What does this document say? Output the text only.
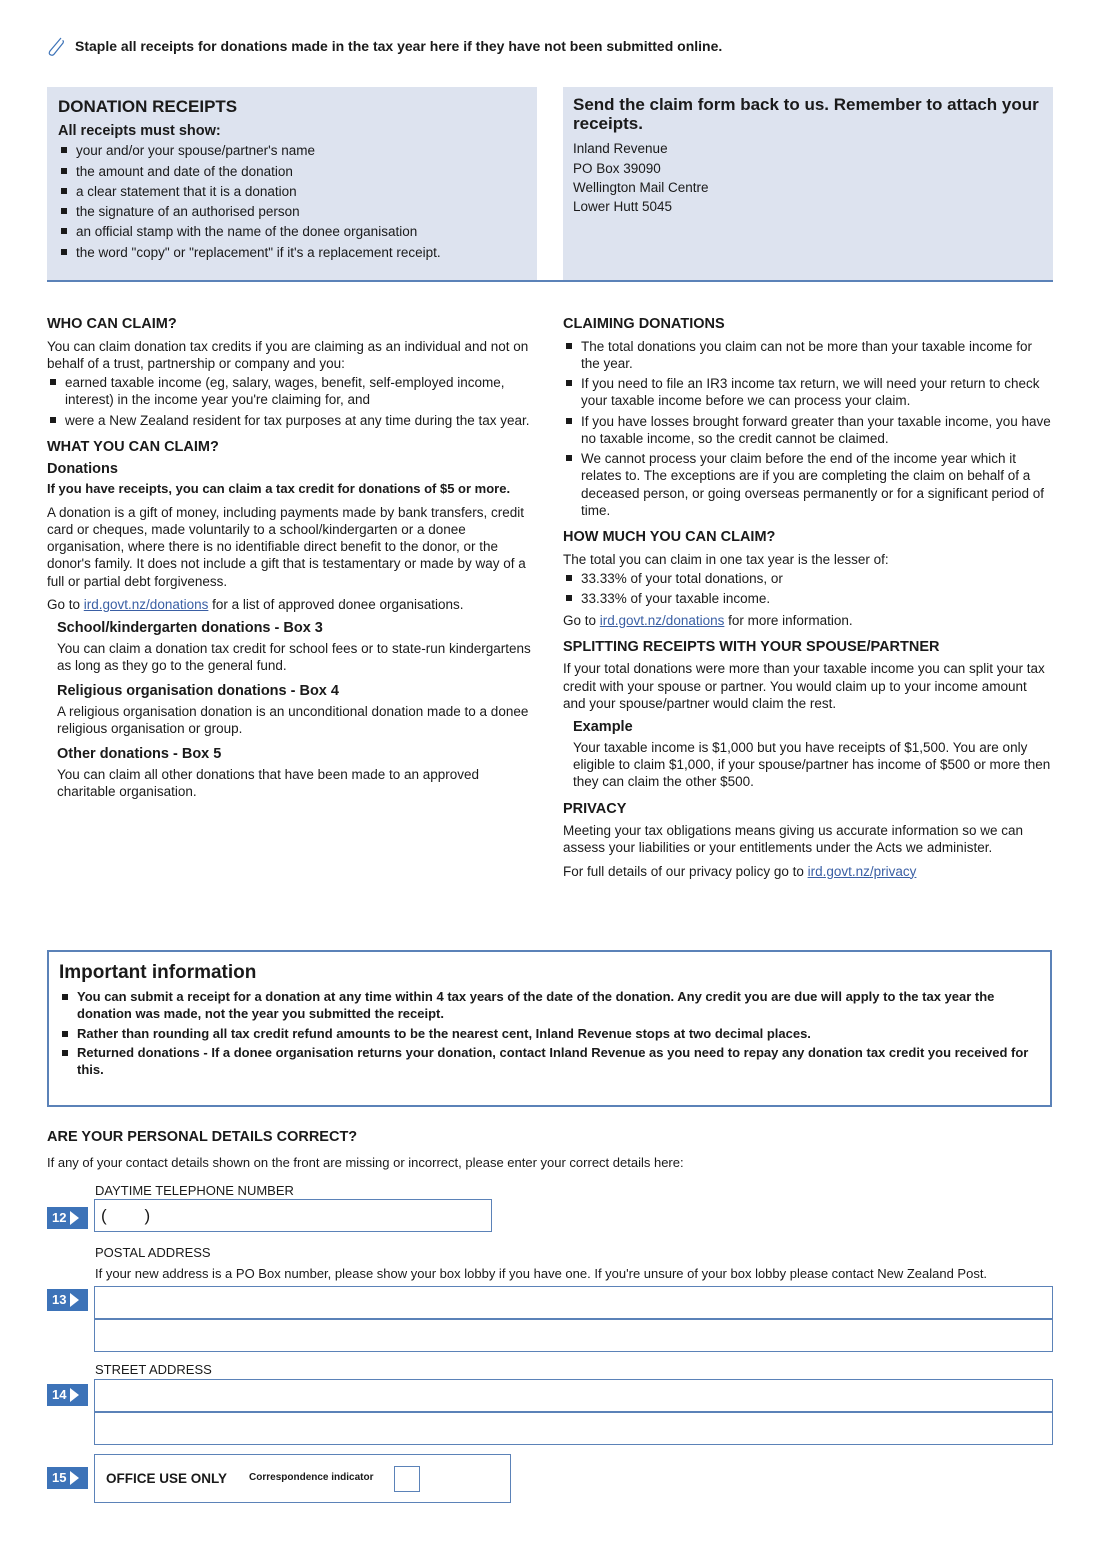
Staple all receipts for donations made in the tax year here if they have not been submitted online.
DONATION RECEIPTS
All receipts must show:
your and/or your spouse/partner's name
the amount and date of the donation
a clear statement that it is a donation
the signature of an authorised person
an official stamp with the name of the donee organisation
the word "copy" or "replacement" if it's a replacement receipt.
Send the claim form back to us. Remember to attach your receipts.
Inland Revenue
PO Box 39090
Wellington Mail Centre
Lower Hutt 5045
WHO CAN CLAIM?

You can claim donation tax credits if you are claiming as an individual and not on behalf of a trust, partnership or company and you:

earned taxable income (eg, salary, wages, benefit, self-employed income, interest) in the income year you're claiming for, and
were a New Zealand resident for tax purposes at any time during the tax year.
WHAT YOU CAN CLAIM?
Donations

If you have receipts, you can claim a tax credit for donations of $5 or more.

A donation is a gift of money, including payments made by bank transfers, credit card or cheques, made voluntarily to a school/kindergarten or a donee organisation, where there is no identifiable direct benefit to the donor, or the donor's family. It does not include a gift that is testamentary or made by way of a full or partial debt forgiveness.

Go to ird.govt.nz/donations for a list of approved donee organisations.

School/kindergarten donations - Box 3

You can claim a donation tax credit for school fees or to state-run kindergartens as long as they go to the general fund.

Religious organisation donations - Box 4

A religious organisation donation is an unconditional donation made to a donee religious organisation or group.

Other donations - Box 5

You can claim all other donations that have been made to an approved charitable organisation.

CLAIMING DONATIONS
The total donations you claim can not be more than your taxable income for the year.
If you need to file an IR3 income tax return, we will need your return to check your taxable income before we can process your claim.
If you have losses brought forward greater than your taxable income, you have no taxable income, so the credit cannot be claimed.
We cannot process your claim before the end of the income year which it relates to. The exceptions are if you are completing the claim on behalf of a deceased person, or going overseas permanently or for a significant period of time.
HOW MUCH YOU CAN CLAIM?

The total you can claim in one tax year is the lesser of:

33.33% of your total donations, or
33.33% of your taxable income.

Go to ird.govt.nz/donations for more information.

SPLITTING RECEIPTS WITH YOUR SPOUSE/PARTNER

If your total donations were more than your taxable income you can split your tax credit with your spouse or partner. You would claim up to your income amount and your spouse/partner would claim the rest.

Example

Your taxable income is $1,000 but you have receipts of $1,500. You are only eligible to claim $1,000, if your spouse/partner has income of $500 or more then they can claim the other $500.

PRIVACY

Meeting your tax obligations means giving us accurate information so we can assess your liabilities or your entitlements under the Acts we administer.

For full details of our privacy policy go to ird.govt.nz/privacy

Important information
You can submit a receipt for a donation at any time within 4 tax years of the date of the donation. Any credit you are due will apply to the tax year the donation was made, not the year you submitted the receipt.
Rather than rounding all tax credit refund amounts to be the nearest cent, Inland Revenue stops at two decimal places.
Returned donations - If a donee organisation returns your donation, contact Inland Revenue as you need to repay any donation tax credit you received for this.
ARE YOUR PERSONAL DETAILS CORRECT?
If any of your contact details shown on the front are missing or incorrect, please enter your correct details here:
DAYTIME TELEPHONE NUMBER
12	(        )
POSTAL ADDRESS
If your new address is a PO Box number, please show your box lobby if you have one. If you're unsure of your box lobby please contact New Zealand Post.
13
STREET ADDRESS
14
15	OFFICE USE ONLY Correspondence indicator
